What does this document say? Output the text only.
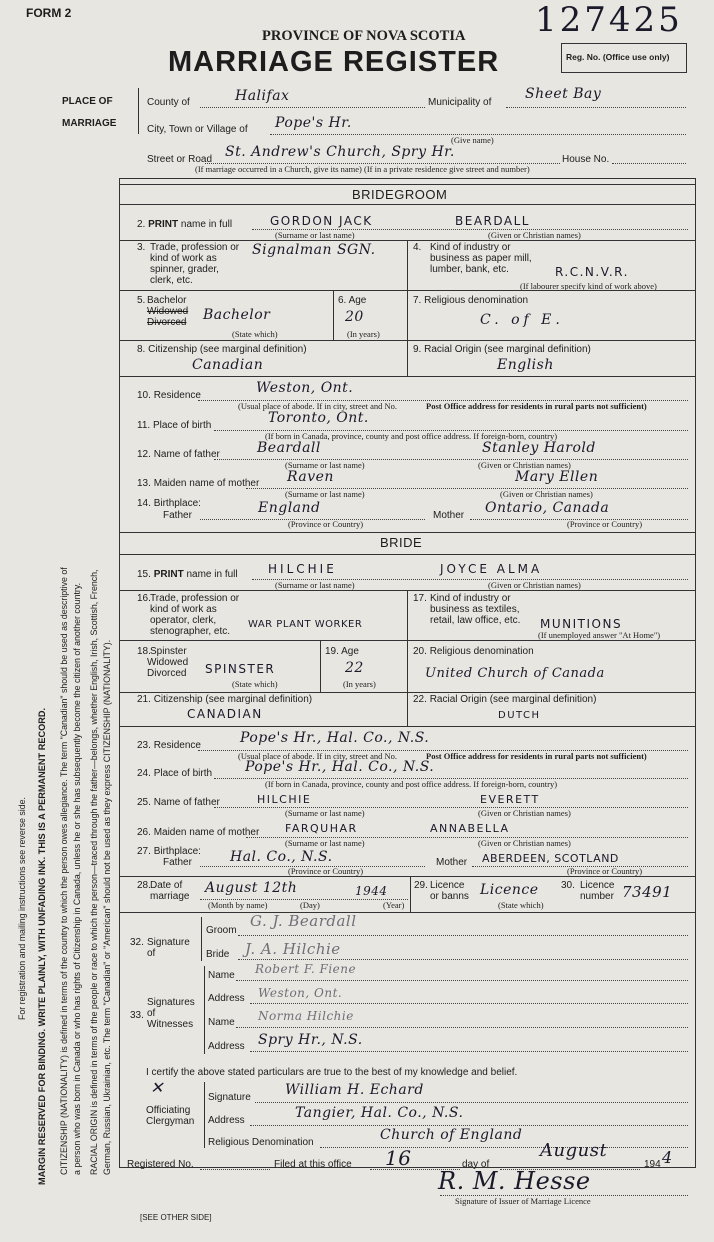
FORM 2
PROVINCE OF NOVA SCOTIA
MARRIAGE REGISTER
127425
Reg. No. (Office use only)
For registration and mailing instructions see reverse side. MARGIN RESERVED FOR BINDING. WRITE PLAINLY, WITH UNFADING INK. THIS IS A PERMANENT RECORD. CITIZENSHIP (NATIONALITY) is defined in terms of the country to which the person owes allegiance. The term "Canadian" should be used as descriptive of a person who was born in Canada or who has rights of Citizenship in Canada, unless he or she has subsequently become the citizen of another country. RACIAL ORIGIN is defined in terms of the people or race to which the person—traced through the father—belongs, whether English, Irish, Scottish, French, German, Russian, Ukrainian, etc. The term "Canadian" or "American" should not be used as they express CITIZENSHIP (NATIONALITY).
PLACE OF
MARRIAGE
County of	Halifax	Municipality of
Sheet Bay
City, Town or Village of Pope's Hr.
(Give name)
Street or Road St. Andrew's Church, Spry Hr.	House No.
(If marriage occurred in a Church, give its name) (If in a private residence give street and number)
BRIDEGROOM
2. PRINT name in full	GORDON JACK	BEARDALL
(Surname or last name)	(Given or Christian names)
3. Trade, profession or kind of work as spinner, grader, clerk, etc.
Signalman SGN.	4. Kind of industry or business as paper mill, lumber, bank, etc.	R.C.N.V.R.
(If labourer specify kind of work above)
5. Bachelor
Widowed
Divorced Bachelor
(State which)
6. Age
20
(In years)
7. Religious denomination
C. of E.
8. Citizenship (see marginal definition)
Canadian
9. Racial Origin (see marginal definition)
English
10. Residence	Weston, Ont.
(Usual place of abode. If in city, street and No.	Post Office address for residents in rural parts not sufficient)
11. Place of birth	Toronto, Ont.
(If born in Canada, province, county and post office address. If foreign-born, country)
12. Name of father	Beardall	Stanley Harold
(Surname or last name)	(Given or Christian names)
13. Maiden name of mother Raven	Mary Ellen
(Surname or last name)	(Given or Christian names)
14. Birthplace:
Father	England
(Province or Country)
Mother Ontario, Canada
(Province or Country)
BRIDE
15. PRINT name in full	HILCHIE	JOYCE ALMA
(Surname or last name)	(Given or Christian names)
16. Trade, profession or kind of work as operator, clerk, stenographer, etc.
WAR PLANT WORKER
17. Kind of industry or business as textiles, retail, law office, etc.	MUNITIONS
(If unemployed answer "At Home")
18. Spinster
Widowed
Divorced SPINSTER
(State which)
19. Age
22
(In years)
20. Religious denomination
United Church of Canada
21. Citizenship (see marginal definition)
CANADIAN
22. Racial Origin (see marginal definition)
DUTCH
23. Residence	Pope's Hr., Hal. Co., N.S.
(Usual place of abode. If in city, street and No.	Post Office address for residents in rural parts not sufficient)
24. Place of birth Pope's Hr., Hal. Co., N.S.
(If born in Canada, province, county and post office address. If foreign-born, country)
25. Name of father	HILCHIE	EVERETT
(Surname or last name)	(Given or Christian names)
26. Maiden name of mother FARQUHAR	ANNABELLA
(Surname or last name)	(Given or Christian names)
27. Birthplace:
Father	Hal. Co., N.S.
(Province or Country)
Mother ABERDEEN, SCOTLAND
(Province or Country)
28. Date of marriage
August 12th	1944
(Month by name)	(Day)	(Year)
29. Licence or banns Licence
(State which)
30. Licence number 73491
32. Signature of
Groom
G. J. Beardall
Bride J. A. Hilchie
33.
Signatures of Witnesses
Name Robert F. Fiene
Address Weston, Ont.
Name Norma Hilchie
Address Spry Hr., N.S.
I certify the above stated particulars are true to the best of my knowledge and belief.
✕
Officiating Clergyman
Signature William H. Echard
Address	Tangier, Hal. Co., N.S.
Religious Denomination	Church of England
Registered No.	Filed at this office 16	day of
August
194 4
R. M. Hesse
Signature of Issuer of Marriage Licence
[SEE OTHER SIDE]
